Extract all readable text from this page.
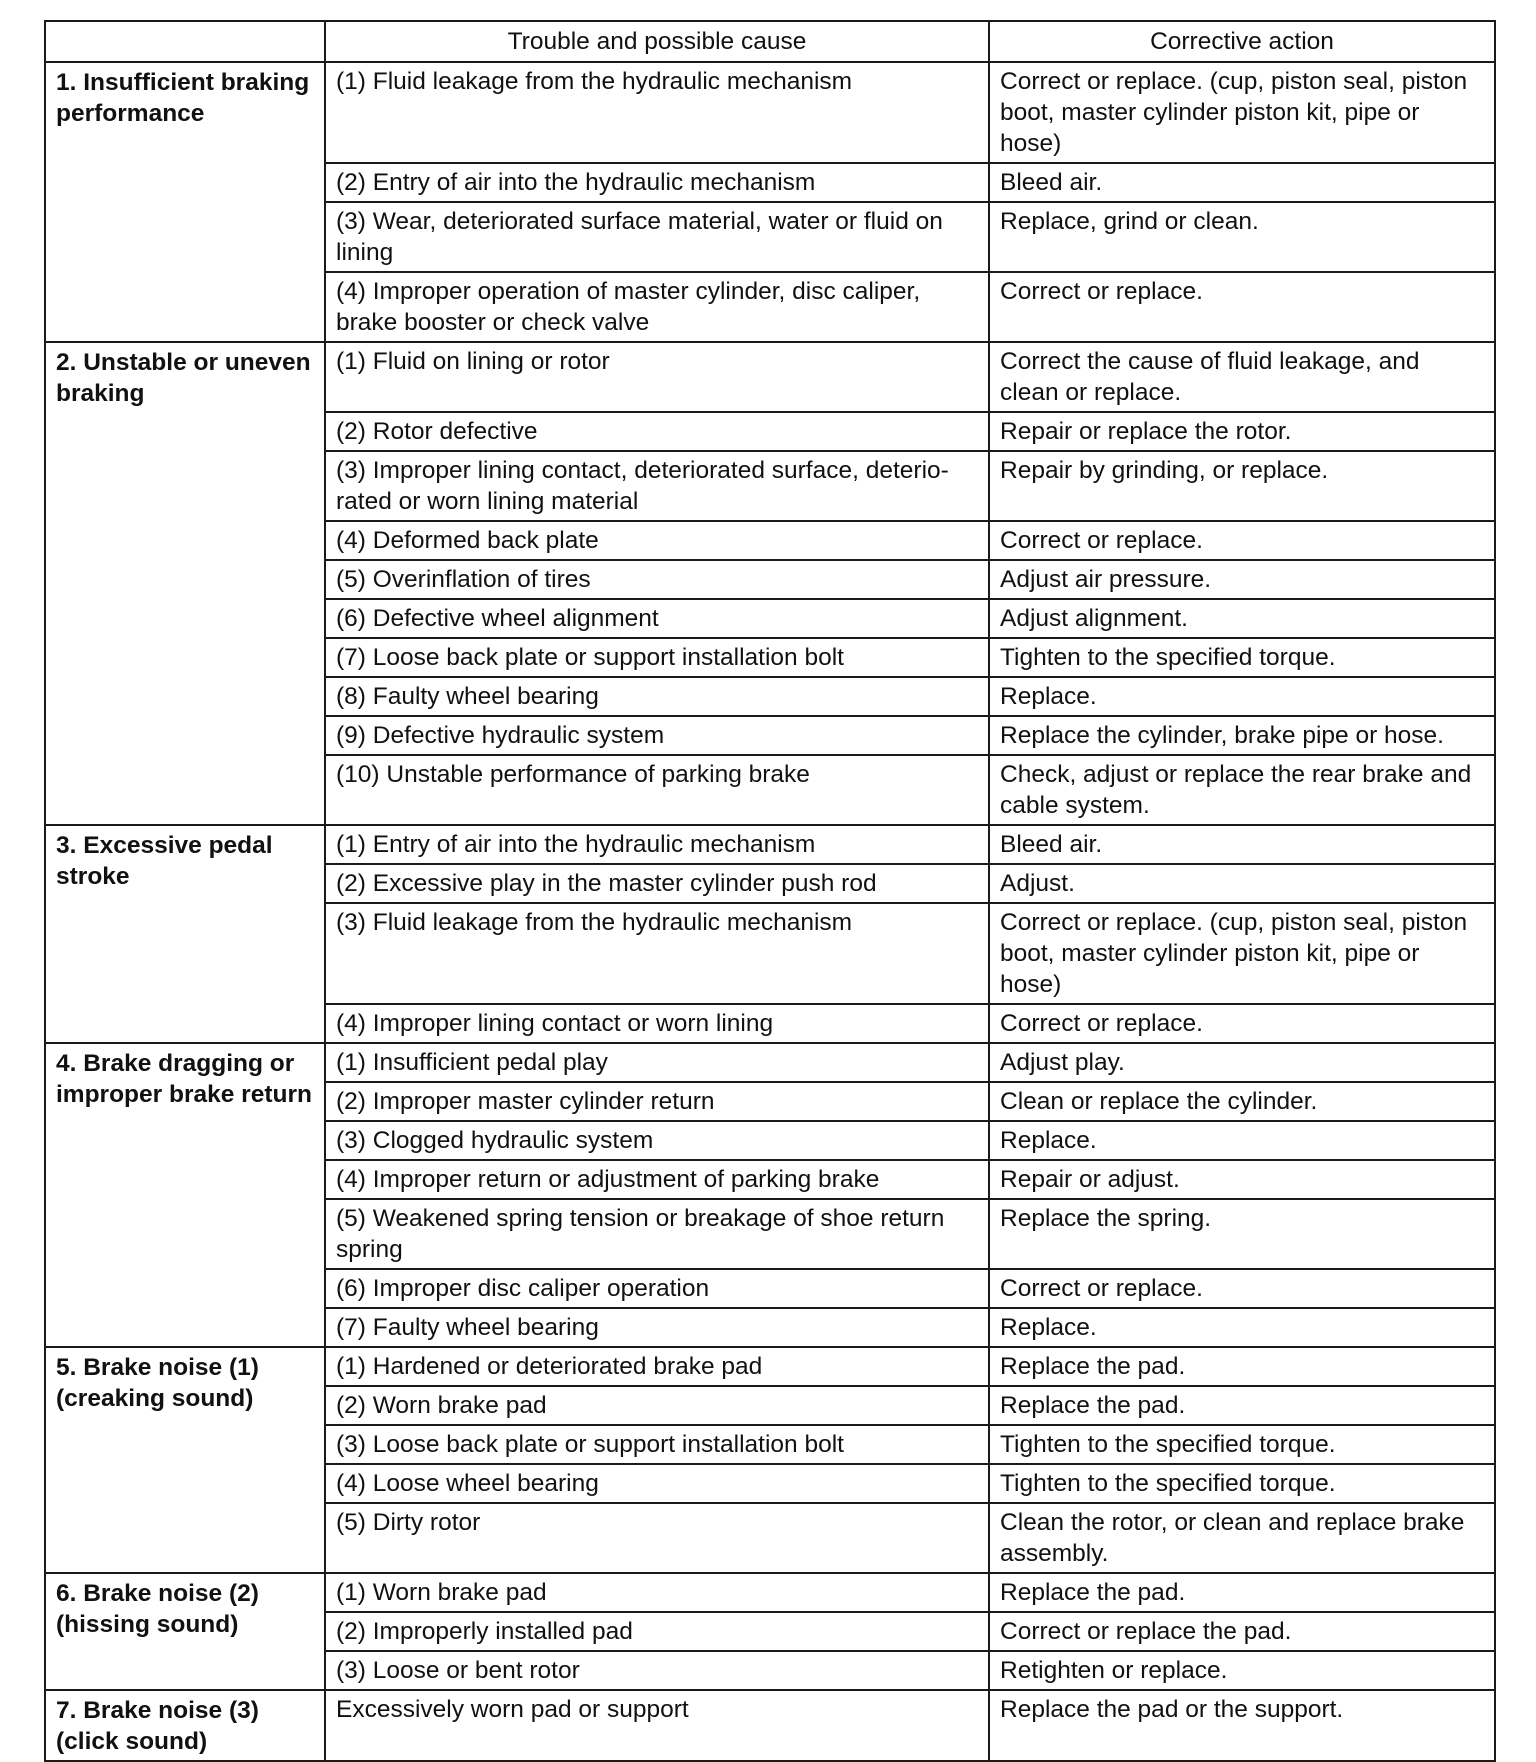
	Trouble and possible cause	Corrective action
1. Insufficient braking performance	(1) Fluid leakage from the hydraulic mechanism	Correct or replace. (cup, piston seal, piston boot, master cylinder piston kit, pipe or hose)
	(2) Entry of air into the hydraulic mechanism	Bleed air.
	(3) Wear, deteriorated surface material, water or fluid on lining	Replace, grind or clean.
	(4) Improper operation of master cylinder, disc caliper, brake booster or check valve	Correct or replace.
2. Unstable or uneven braking	(1) Fluid on lining or rotor	Correct the cause of fluid leakage, and clean or replace.
	(2) Rotor defective	Repair or replace the rotor.
	(3) Improper lining contact, deteriorated surface, deterio-rated or worn lining material	Repair by grinding, or replace.
	(4) Deformed back plate	Correct or replace.
	(5) Overinflation of tires	Adjust air pressure.
	(6) Defective wheel alignment	Adjust alignment.
	(7) Loose back plate or support installation bolt	Tighten to the specified torque.
	(8) Faulty wheel bearing	Replace.
	(9) Defective hydraulic system	Replace the cylinder, brake pipe or hose.
	(10) Unstable performance of parking brake	Check, adjust or replace the rear brake and cable system.
3. Excessive pedal stroke	(1) Entry of air into the hydraulic mechanism	Bleed air.
	(2) Excessive play in the master cylinder push rod	Adjust.
	(3) Fluid leakage from the hydraulic mechanism	Correct or replace. (cup, piston seal, piston boot, master cylinder piston kit, pipe or hose)
	(4) Improper lining contact or worn lining	Correct or replace.
4. Brake dragging or improper brake return	(1) Insufficient pedal play	Adjust play.
	(2) Improper master cylinder return	Clean or replace the cylinder.
	(3) Clogged hydraulic system	Replace.
	(4) Improper return or adjustment of parking brake	Repair or adjust.
	(5) Weakened spring tension or breakage of shoe return spring	Replace the spring.
	(6) Improper disc caliper operation	Correct or replace.
	(7) Faulty wheel bearing	Replace.
5. Brake noise (1) (creaking sound)	(1) Hardened or deteriorated brake pad	Replace the pad.
	(2) Worn brake pad	Replace the pad.
	(3) Loose back plate or support installation bolt	Tighten to the specified torque.
	(4) Loose wheel bearing	Tighten to the specified torque.
	(5) Dirty rotor	Clean the rotor, or clean and replace brake assembly.
6. Brake noise (2) (hissing sound)	(1) Worn brake pad	Replace the pad.
	(2) Improperly installed pad	Correct or replace the pad.
	(3) Loose or bent rotor	Retighten or replace.
7. Brake noise (3) (click sound)	Excessively worn pad or support	Replace the pad or the support.
